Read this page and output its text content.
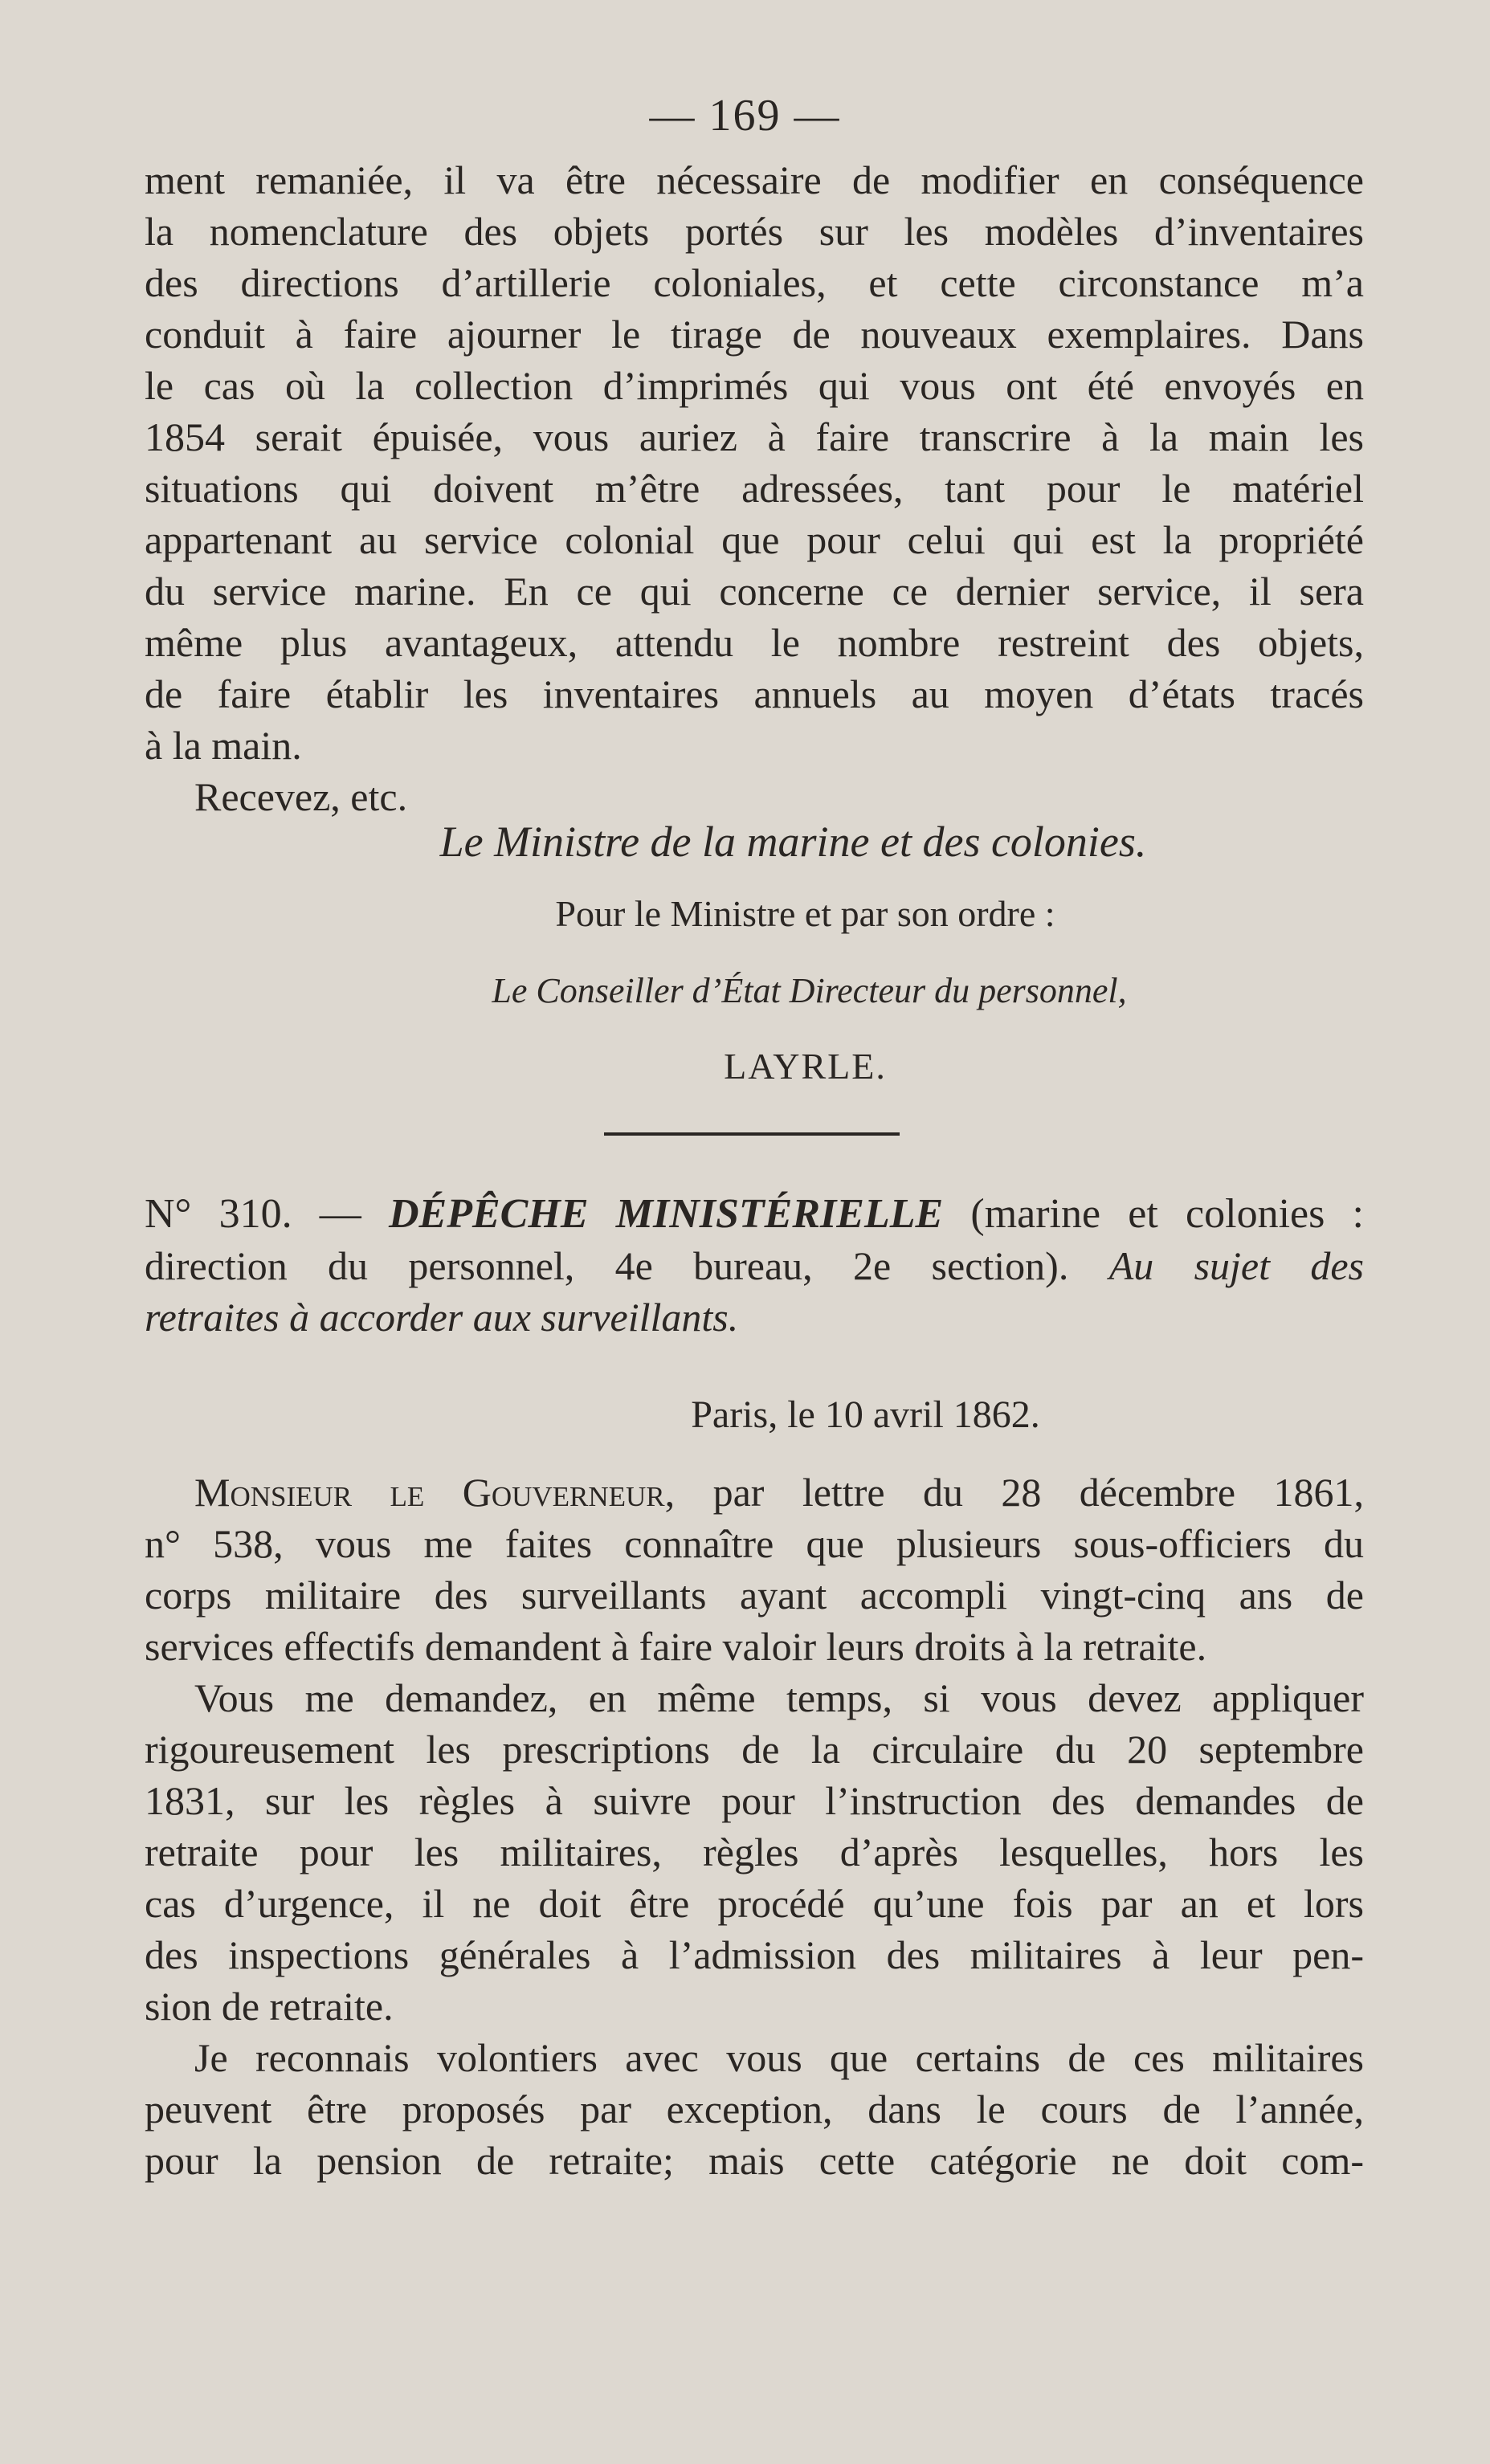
— 169 —
ment remaniée, il va être nécessaire de modifier en conséquence
la nomenclature des objets portés sur les modèles d’inventaires
des directions d’artillerie coloniales, et cette circonstance m’a
conduit à faire ajourner le tirage de nouveaux exemplaires. Dans
le cas où la collection d’imprimés qui vous ont été envoyés en
1854 serait épuisée, vous auriez à faire transcrire à la main les
situations qui doivent m’être adressées, tant pour le matériel
appartenant au service colonial que pour celui qui est la propriété
du service marine. En ce qui concerne ce dernier service, il sera
même plus avantageux, attendu le nombre restreint des objets,
de faire établir les inventaires annuels au moyen d’états tracés
à la main.
Recevez, etc.
Le Ministre de la marine et des colonies.
Pour le Ministre et par son ordre :
Le Conseiller d’État Directeur du personnel,
LAYRLE.
N° 310. — DÉPÊCHE MINISTÉRIELLE (marine et colonies :
direction du personnel, 4e bureau, 2e section). Au sujet des
retraites à accorder aux surveillants.
Paris, le 10 avril 1862.
Monsieur le Gouverneur, par lettre du 28 décembre 1861,
n° 538, vous me faites connaître que plusieurs sous-officiers du
corps militaire des surveillants ayant accompli vingt-cinq ans de
services effectifs demandent à faire valoir leurs droits à la retraite.
Vous me demandez, en même temps, si vous devez appliquer
rigoureusement les prescriptions de la circulaire du 20 septembre
1831, sur les règles à suivre pour l’instruction des demandes de
retraite pour les militaires, règles d’après lesquelles, hors les
cas d’urgence, il ne doit être procédé qu’une fois par an et lors
des inspections générales à l’admission des militaires à leur pen-
sion de retraite.
Je reconnais volontiers avec vous que certains de ces militaires
peuvent être proposés par exception, dans le cours de l’année,
pour la pension de retraite; mais cette catégorie ne doit com-
